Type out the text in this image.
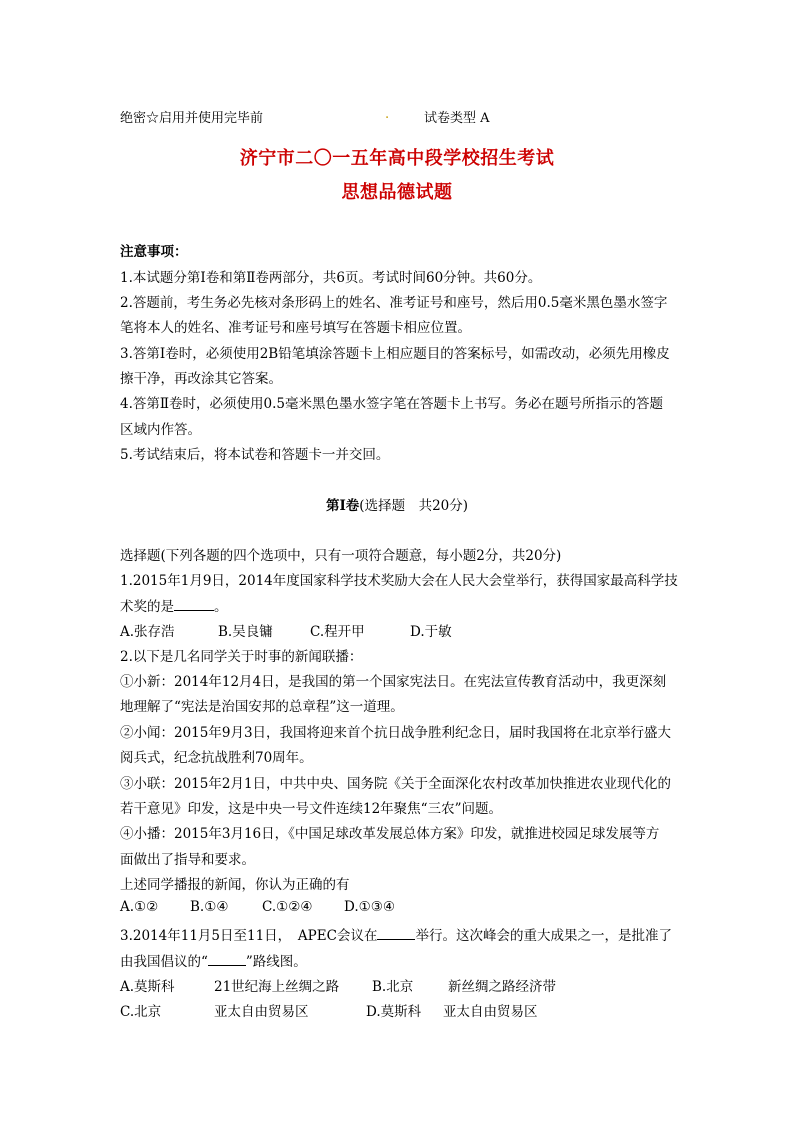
绝密☆启用并使用完毕前	.	试卷类型 A
济宁市二〇一五年高中段学校招生考试
思想品德试题
注意事项：
1.本试题分第Ⅰ卷和第Ⅱ卷两部分，共6页。考试时间60分钟。共60分。
2.答题前，考生务必先核对条形码上的姓名、准考证号和座号，然后用0.5毫米黑色墨水签字
笔将本人的姓名、准考证号和座号填写在答题卡相应位置。
3.答第Ⅰ卷时，必须使用2B铅笔填涂答题卡上相应题目的答案标号，如需改动，必须先用橡皮
擦干净，再改涂其它答案。
4.答第Ⅱ卷时，必须使用0.5毫米黑色墨水签字笔在答题卡上书写。务必在题号所指示的答题
区域内作答。
5.考试结束后，将本试卷和答题卡一并交回。
第Ⅰ卷(选择题　共20分)
选择题(下列各题的四个选项中，只有一项符合题意，每小题2分，共20分)
1.2015年1月9日，2014年度国家科学技术奖励大会在人民大会堂举行，获得国家最高科学技
术奖的是	。
A.张存浩	B.吴良镛	C.程开甲	D.于敏
2.以下是几名同学关于时事的新闻联播：
①小新：2014年12月4日，是我国的第一个国家宪法日。在宪法宣传教育活动中，我更深刻
地理解了“宪法是治国安邦的总章程”这一道理。
②小闻：2015年9月3日，我国将迎来首个抗日战争胜利纪念日，届时我国将在北京举行盛大
阅兵式，纪念抗战胜利70周年。
③小联：2015年2月1日，中共中央、国务院《关于全面深化农村改革加快推进农业现代化的
若干意见》印发，这是中央一号文件连续12年聚焦“三农”问题。
④小播：2015年3月16日，《中国足球改革发展总体方案》印发，就推进校园足球发展等方
面做出了指导和要求。
上述同学播报的新闻，你认为正确的有
A.①② B.①④ C.①②④ D.①③④
3.2014年11月5日至11日，　APEC会议在	举行。这次峰会的重大成果之一，是批准了
由我国倡议的“	”路线图。
A.莫斯科	21世纪海上丝绸之路 B.北京	新丝绸之路经济带
C.北京	亚太自由贸易区	D.莫斯科 亚太自由贸易区
